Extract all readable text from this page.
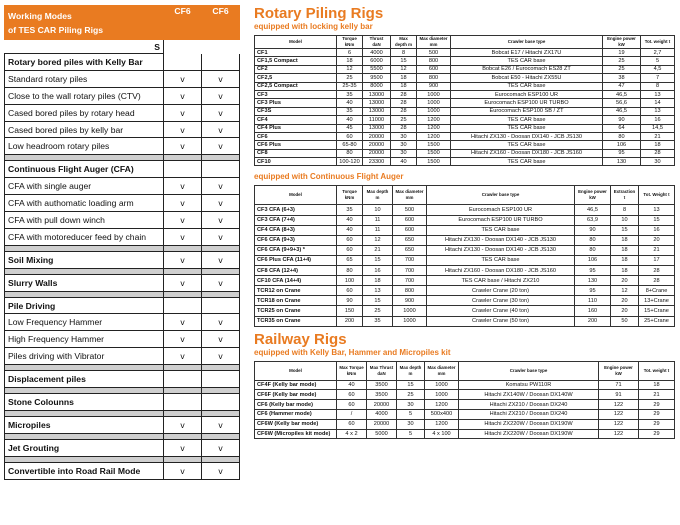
Working Modes
of TES CAR Piling Rigs	CF6	CF6
S		
Rotary bored piles with Kelly Bar		
Standard rotary piles	v	v
Close to the wall rotary piles (CTV)	v	v
Cased bored piles by rotary head	v	v
Cased bored piles by kelly bar	v	v
Low headroom rotary piles	v	v

Continuous Flight Auger (CFA)		
CFA with single auger	v	v
CFA with authomatic loading arm	v	v
CFA with pull down winch	v	v
CFA with motoreducer feed by chain	v	v

Soil Mixing	v	v

Slurry Walls	v	v

Pile Driving		
Low Frequency Hammer	v	v
High Frequency Hammer	v	v
Piles driving with Vibrator	v	v

Displacement piles		

Stone Colounns		

Micropiles	v	v

Jet Grouting	v	v

Convertible into Road Rail Mode	v	v
Rotary Piling Rigs
equipped with locking kelly bar
Model	Torque kNm	Thrust daN	Max depth m	Max diameter mm	Crawler base type	Engine power kW	Tot. weight t
CF1	6	4000	8	500	Bobcat E17 / Hitachi ZX17U	19	2,7
CF1,5 Compact	18	6000	15	800	TES CAR base	25	5
CF2	12	5500	12	600	Bobcat E26 / Eurocomach ES28 ZT	25	4,5
CF2,5	25	9500	18	800	Bobcat E50 - Hitachi ZX55U	38	7
CF2,5 Compact	25-35	8000	18	900	TES CAR base	47	8
CF3	35	13000	28	1000	Eurocomach ESP100 UR	46,5	13
CF3 Plus	40	13000	28	1000	Eurocomach ESP100 UR TURBO	56,6	14
CF3S	35	13000	28	1000	Eurocomach ESP100 SB / ZT	46,5	13
CF4	40	11000	25	1200	TES CAR base	90	16
CF4 Plus	45	13000	28	1200	TES CAR base	64	14,5
CF6	60	20000	30	1200	Hitachi ZX130 - Doosan DX140 - JCB JS130	80	21
CF6 Plus	65-80	20000	30	1500	TES CAR base	106	18
CF8	80	20000	30	1500	Hitachi ZX160 - Doosan DX180 - JCB JS160	95	28
CF10	100-120	23300	40	1500	TES CAR base	130	30
equipped with Continuous Flight Auger
Model	Torque kNm	Max depth m	Max diameter mm	Crawler base type	Engine power kW	Extraction t	Tot. Weight t
CF3 CFA (6+3)	35	10	500	Eurocomach ESP100 UR	46,5	8	13
CF3 CFA (7+4)	40	11	600	Eurocomach ESP100 UR TURBO	63,9	10	15
CF4 CFA (8+3)	40	11	600	TES CAR base	90	15	16
CF6 CFA (9+3)	60	12	650	Hitachi ZX130 - Doosan DX140 - JCB JS130	80	18	20
CF6 CFA (9+9+3) *	60	21	650	Hitachi ZX130 - Doosan DX140 - JCB JS130	80	18	21
CF6 Plus CFA (11+4)	65	15	700	TES CAR base	106	18	17
CF8 CFA (12+4)	80	16	700	Hitachi ZX160 - Doosan DX180 - JCB JS160	95	18	28
CF10 CFA (14+4)	100	18	700	TES CAR base / Hitachi ZX210	130	20	28
TCR12 on Crane	60	13	800	Crawler Crane (20 ton)	95	12	8+Crane
TCR18 on Crane	90	15	900	Crawler Crane (30 ton)	110	20	13+Crane
TCR25 on Crane	150	25	1000	Crawler Crane (40 ton)	160	20	15+Crane
TCR35 on Crane	200	35	1000	Crawler Crane (50 ton)	200	50	25+Crane
Railway Rigs
equipped with Kelly Bar, Hammer and Micropiles kit
Model	Max Torque kNm	Max Thrust daN	Max depth m	Max diameter mm	Crawler base type	Engine power kW	Tot. weight t
CF4F (Kelly bar mode)	40	3500	15	1000	Komatsu PW110R	71	18
CF6F (Kelly bar mode)	60	3500	25	1000	Hitachi ZX140W / Doosan DX140W	91	21
CF6 (Kelly bar mode)	60	20000	30	1200	Hitachi ZX210 / Doosan DX240	122	29
CF6 (Hammer mode)	/	4000	5	500x400	Hitachi ZX210 / Doosan DX240	122	29
CF6W (Kelly bar mode)	60	20000	30	1200	Hitachi ZX220W / Doosan DX190W	122	29
CF6W (Micropiles kit mode)	4 x 2	5000	5	4 x 100	Hitachi ZX220W / Doosan DX190W	122	29
